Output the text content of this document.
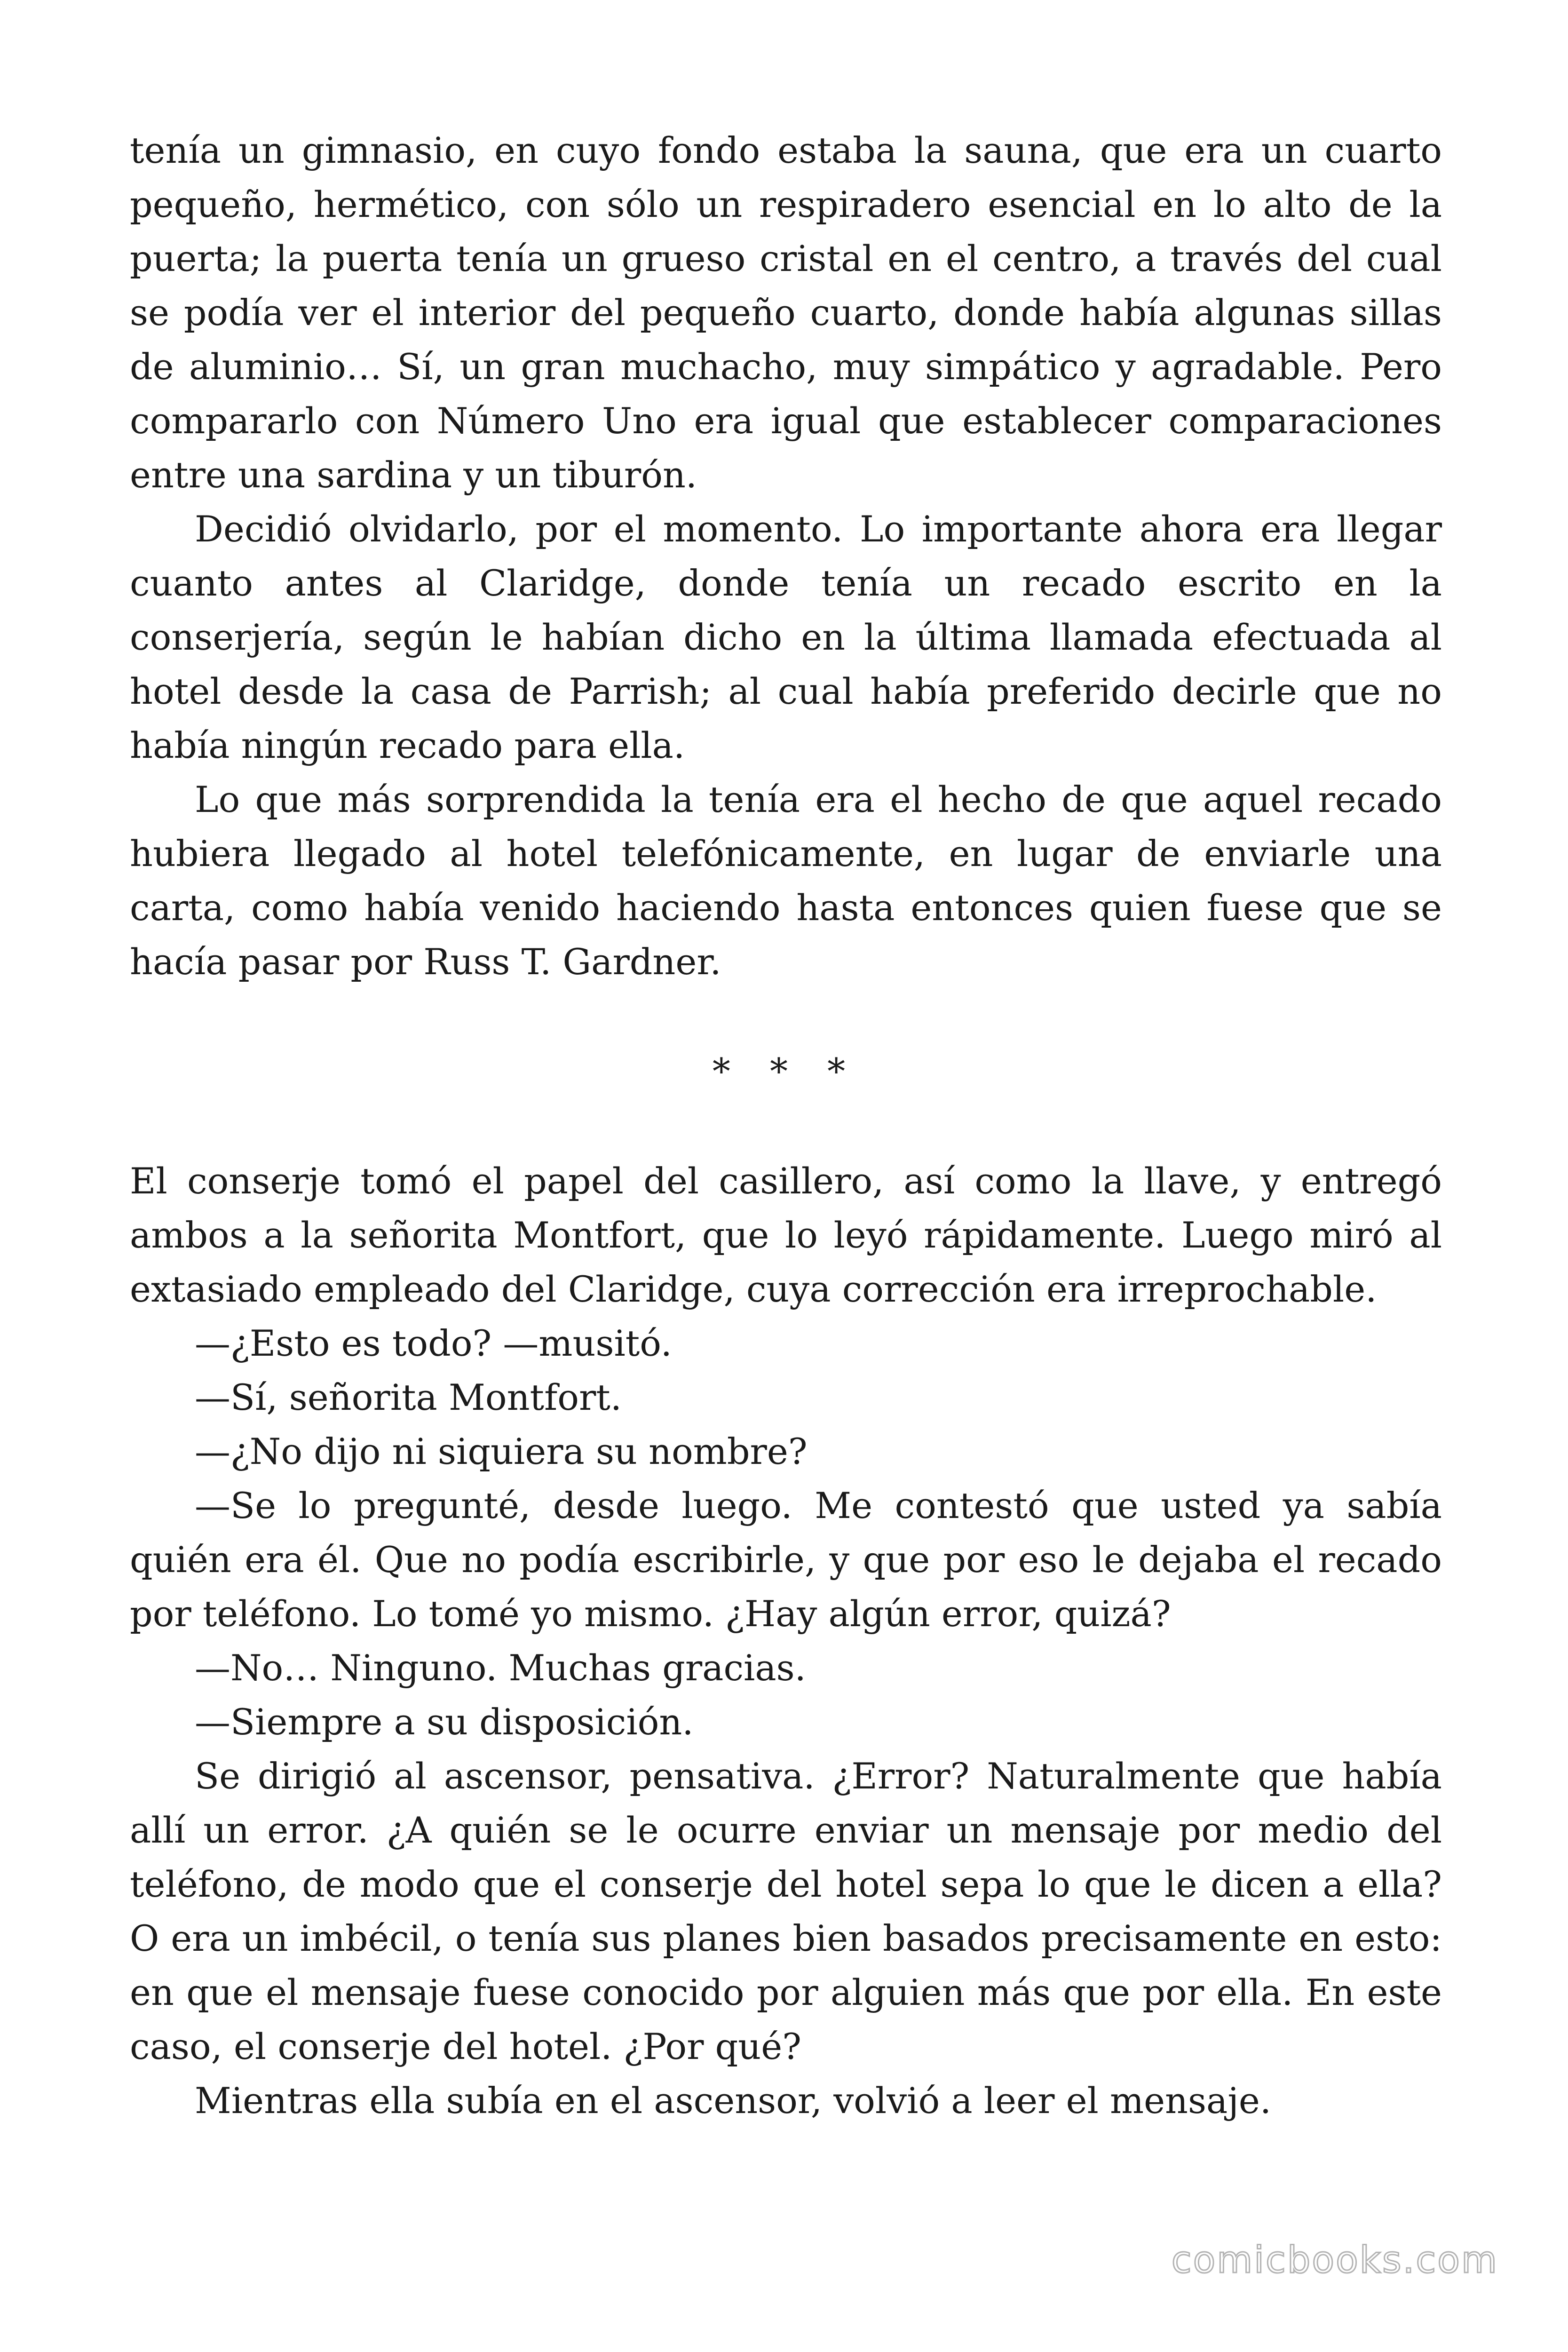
tenía un gimnasio, en cuyo fondo estaba la sauna, que era un cuarto pequeño, hermético, con sólo un respiradero esencial en lo alto de la puerta; la puerta tenía un grueso cristal en el centro, a través del cual se podía ver el interior del pequeño cuarto, donde había algunas sillas de aluminio… Sí, un gran muchacho, muy simpático y agradable. Pero compararlo con Número Uno era igual que establecer comparaciones entre una sardina y un tiburón.

Decidió olvidarlo, por el momento. Lo importante ahora era llegar cuanto antes al Claridge, donde tenía un recado escrito en la conserjería, según le habían dicho en la última llamada efectuada al hotel desde la casa de Parrish; al cual había preferido decirle que no había ningún recado para ella.

Lo que más sorprendida la tenía era el hecho de que aquel recado hubiera llegado al hotel telefónicamente, en lugar de enviarle una carta, como había venido haciendo hasta entonces quien fuese que se hacía pasar por Russ T. Gardner.

* * *

El conserje tomó el papel del casillero, así como la llave, y entregó ambos a la señorita Montfort, que lo leyó rápidamente. Luego miró al extasiado empleado del Claridge, cuya corrección era irreprochable.

—¿Esto es todo? —musitó.

—Sí, señorita Montfort.

—¿No dijo ni siquiera su nombre?

—Se lo pregunté, desde luego. Me contestó que usted ya sabía quién era él. Que no podía escribirle, y que por eso le dejaba el recado por teléfono. Lo tomé yo mismo. ¿Hay algún error, quizá?

—No… Ninguno. Muchas gracias.

—Siempre a su disposición.

Se dirigió al ascensor, pensativa. ¿Error? Naturalmente que había allí un error. ¿A quién se le ocurre enviar un mensaje por medio del teléfono, de modo que el conserje del hotel sepa lo que le dicen a ella? O era un imbécil, o tenía sus planes bien basados precisamente en esto: en que el mensaje fuese conocido por alguien más que por ella. En este caso, el conserje del hotel. ¿Por qué?

Mientras ella subía en el ascensor, volvió a leer el mensaje.

comicbooks.com
